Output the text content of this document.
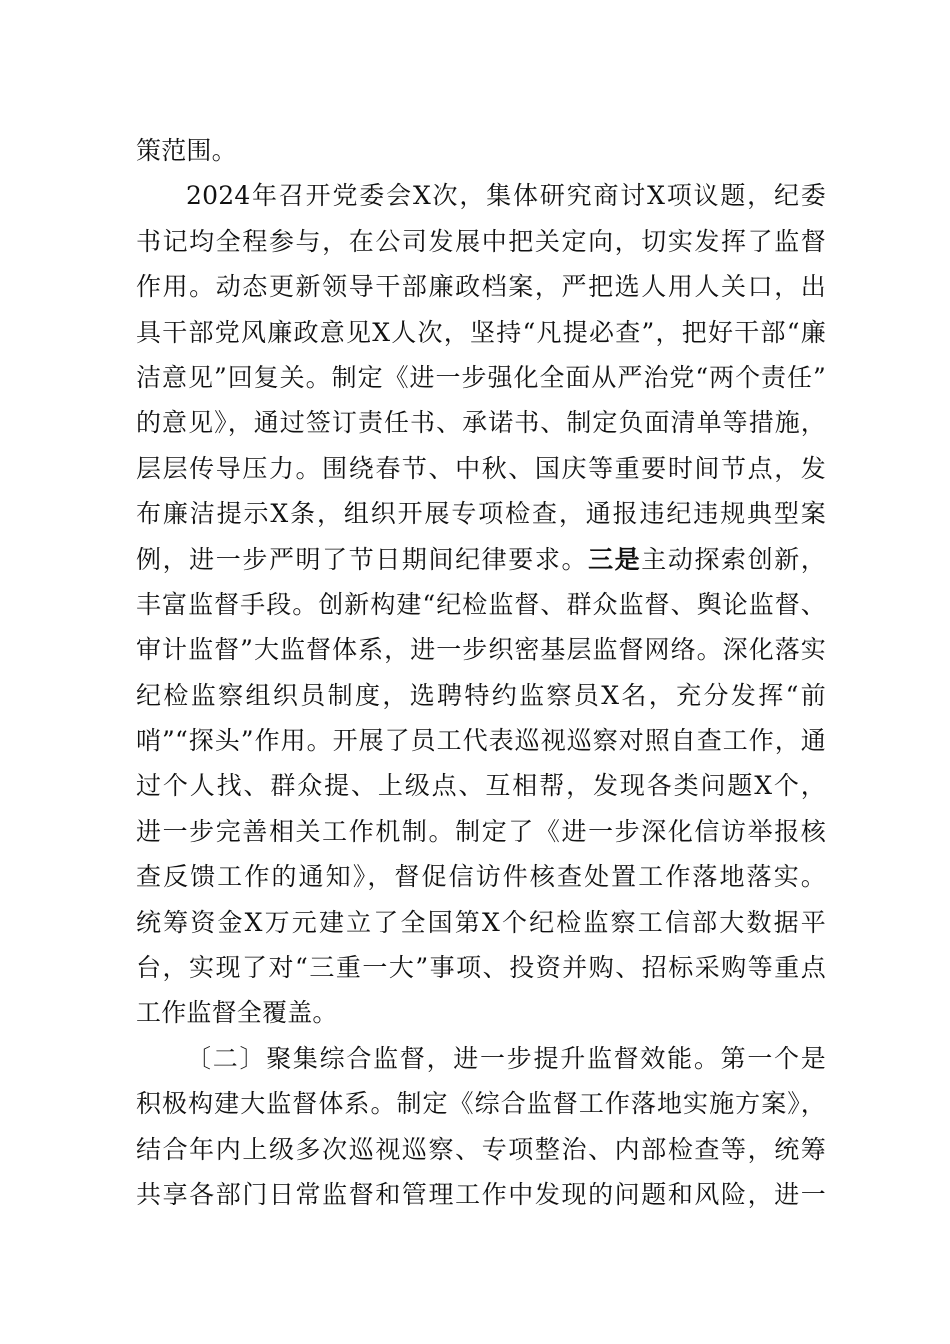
策范围。
2024年召开党委会X次，集体研究商讨X项议题，纪委
书记均全程参与，在公司发展中把关定向，切实发挥了监督
作用。动态更新领导干部廉政档案，严把选人用人关口，出
具干部党风廉政意见X人次，坚持“凡提必查”，把好干部“廉
洁意见”回复关。制定《进一步强化全面从严治党“两个责任”
的意见》，通过签订责任书、承诺书、制定负面清单等措施，
层层传导压力。围绕春节、中秋、国庆等重要时间节点，发
布廉洁提示X条，组织开展专项检查，通报违纪违规典型案
例，进一步严明了节日期间纪律要求。三是主动探索创新，
丰富监督手段。创新构建“纪检监督、群众监督、舆论监督、
审计监督”大监督体系，进一步织密基层监督网络。深化落实
纪检监察组织员制度，选聘特约监察员X名，充分发挥“前
哨”“探头”作用。开展了员工代表巡视巡察对照自查工作，通
过个人找、群众提、上级点、互相帮，发现各类问题X个，
进一步完善相关工作机制。制定了《进一步深化信访举报核
查反馈工作的通知》，督促信访件核查处置工作落地落实。
统筹资金X万元建立了全国第X个纪检监察工信部大数据平
台，实现了对“三重一大”事项、投资并购、招标采购等重点
工作监督全覆盖。
〔二〕聚集综合监督，进一步提升监督效能。第一个是
积极构建大监督体系。制定《综合监督工作落地实施方案》，
结合年内上级多次巡视巡察、专项整治、内部检查等，统筹
共享各部门日常监督和管理工作中发现的问题和风险，进一
